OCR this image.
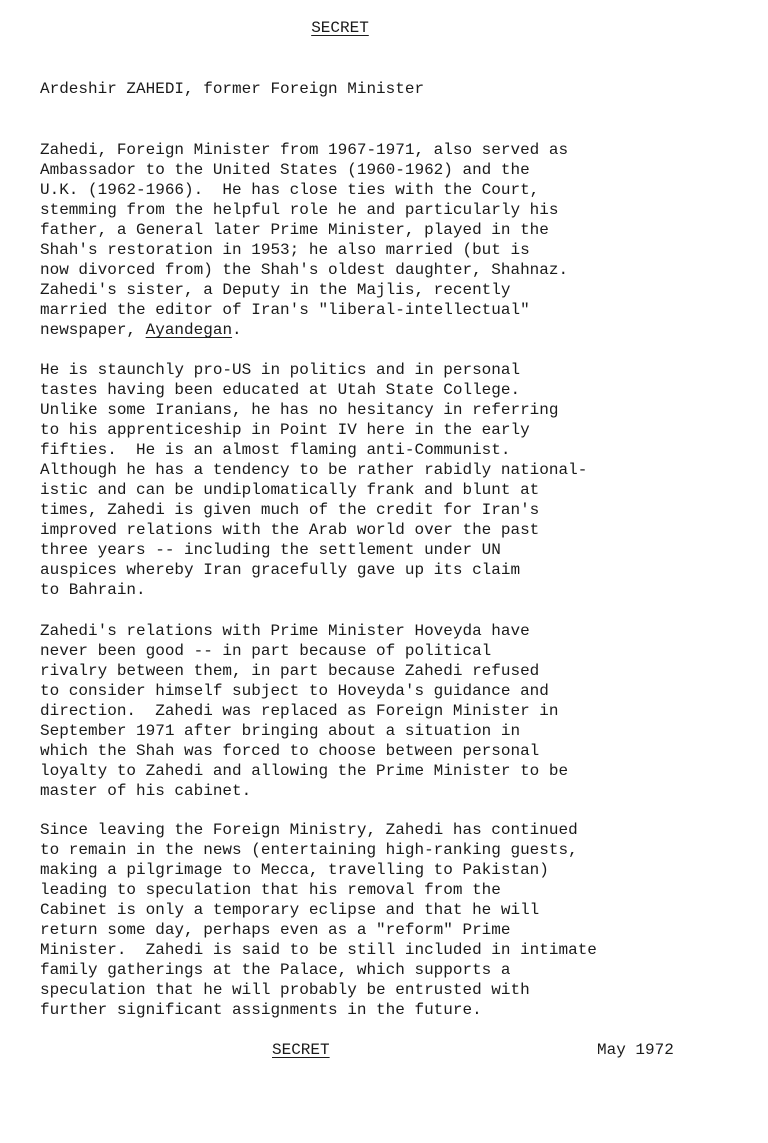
SECRET
Ardeshir ZAHEDI, former Foreign Minister
Zahedi, Foreign Minister from 1967-1971, also served as
Ambassador to the United States (1960-1962) and the
U.K. (1962-1966).  He has close ties with the Court,
stemming from the helpful role he and particularly his
father, a General later Prime Minister, played in the
Shah's restoration in 1953; he also married (but is
now divorced from) the Shah's oldest daughter, Shahnaz.
Zahedi's sister, a Deputy in the Majlis, recently
married the editor of Iran's "liberal-intellectual"
newspaper, Ayandegan.
He is staunchly pro-US in politics and in personal
tastes having been educated at Utah State College.
Unlike some Iranians, he has no hesitancy in referring
to his apprenticeship in Point IV here in the early
fifties.  He is an almost flaming anti-Communist.
Although he has a tendency to be rather rabidly national-
istic and can be undiplomatically frank and blunt at
times, Zahedi is given much of the credit for Iran's
improved relations with the Arab world over the past
three years -- including the settlement under UN
auspices whereby Iran gracefully gave up its claim
to Bahrain.
Zahedi's relations with Prime Minister Hoveyda have
never been good -- in part because of political
rivalry between them, in part because Zahedi refused
to consider himself subject to Hoveyda's guidance and
direction.  Zahedi was replaced as Foreign Minister in
September 1971 after bringing about a situation in
which the Shah was forced to choose between personal
loyalty to Zahedi and allowing the Prime Minister to be
master of his cabinet.
Since leaving the Foreign Ministry, Zahedi has continued
to remain in the news (entertaining high-ranking guests,
making a pilgrimage to Mecca, travelling to Pakistan)
leading to speculation that his removal from the
Cabinet is only a temporary eclipse and that he will
return some day, perhaps even as a "reform" Prime
Minister.  Zahedi is said to be still included in intimate
family gatherings at the Palace, which supports a
speculation that he will probably be entrusted with
further significant assignments in the future.
SECRET	May 1972
